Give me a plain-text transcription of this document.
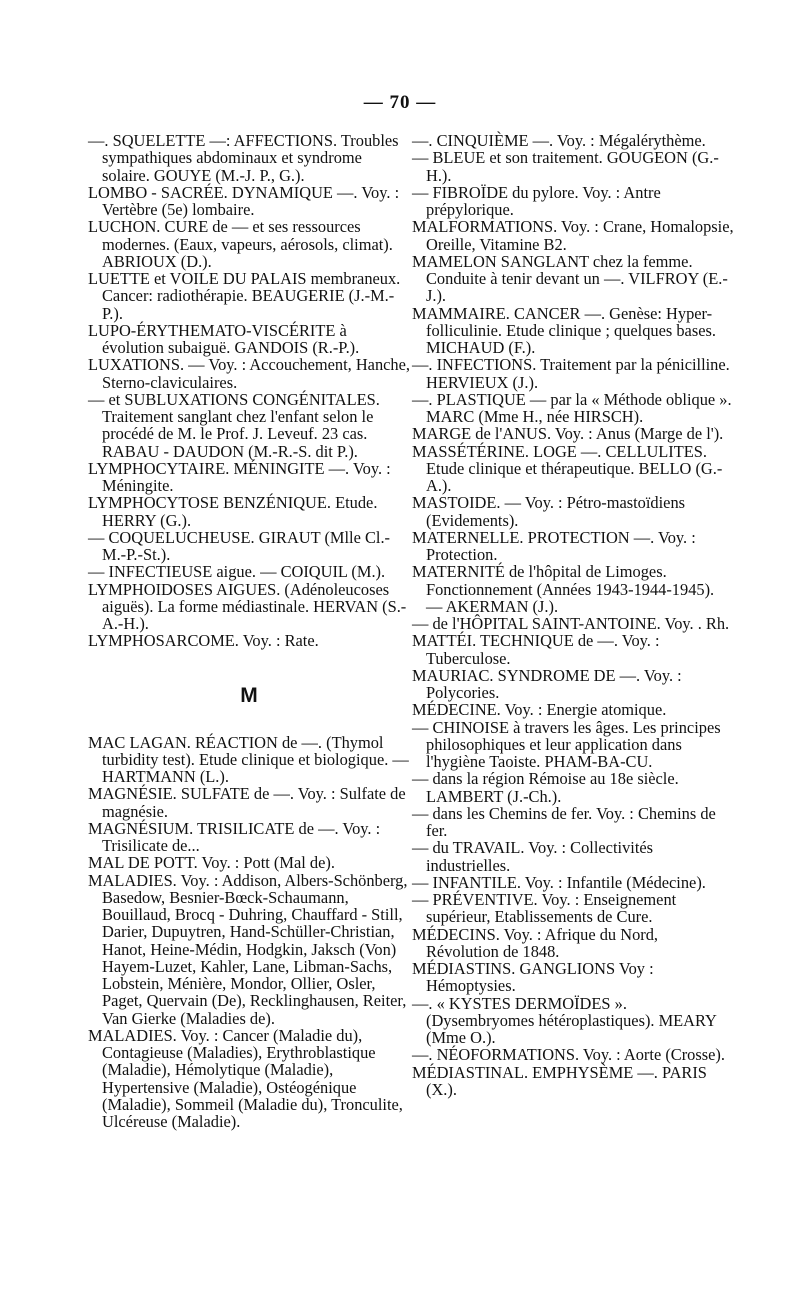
— 70 —

—. SQUELETTE —: AFFECTIONS. Troubles sympathiques abdominaux et syndrome solaire. GOUYE (M.-J. P., G.).

LOMBO - SACRÉE. DYNAMIQUE —. Voy. : Vertèbre (5e) lombaire.

LUCHON. CURE de — et ses ressources modernes. (Eaux, vapeurs, aérosols, climat). ABRIOUX (D.).

LUETTE et VOILE DU PALAIS membraneux. Cancer: radiothérapie. BEAUGERIE (J.-M.-P.).

LUPO-ÉRYTHEMATO-VISCÉRITE à évolution subaiguë. GANDOIS (R.-P.).

LUXATIONS. — Voy. : Accouchement, Hanche, Sterno-claviculaires.

— et SUBLUXATIONS CONGÉNITALES. Traitement sanglant chez l'enfant selon le procédé de M. le Prof. J. Leveuf. 23 cas. RABAU - DAUDON (M.-R.-S. dit P.).

LYMPHOCYTAIRE. MÉNINGITE —. Voy. : Méningite.

LYMPHOCYTOSE BENZÉNIQUE. Etude. HERRY (G.).

— COQUELUCHEUSE. GIRAUT (Mlle Cl.-M.-P.-St.).

— INFECTIEUSE aigue. — COIQUIL (M.).

LYMPHOIDOSES AIGUES. (Adénoleucoses aiguës). La forme médiastinale. HERVAN (S.-A.-H.).

LYMPHOSARCOME. Voy. : Rate.

M

MAC LAGAN. RÉACTION de —. (Thymol turbidity test). Etude clinique et biologique. — HARTMANN (L.).

MAGNÉSIE. SULFATE de —. Voy. : Sulfate de magnésie.

MAGNÉSIUM. TRISILICATE de —. Voy. : Trisilicate de...

MAL DE POTT. Voy. : Pott (Mal de).

MALADIES. Voy. : Addison, Albers-Schönberg, Basedow, Besnier-Bœck-Schaumann, Bouillaud, Brocq - Duhring, Chauffard - Still, Darier, Dupuytren, Hand-Schüller-Christian, Hanot, Heine-Médin, Hodgkin, Jaksch (Von) Hayem-Luzet, Kahler, Lane, Libman-Sachs, Lobstein, Ménière, Mondor, Ollier, Osler, Paget, Quervain (De), Recklinghausen, Reiter, Van Gierke (Maladies de).

MALADIES. Voy. : Cancer (Maladie du), Contagieuse (Maladies), Erythroblastique (Maladie), Hémolytique (Maladie), Hypertensive (Maladie), Ostéogénique (Maladie), Sommeil (Maladie du), Tronculite, Ulcéreuse (Maladie).

—. CINQUIÈME —. Voy. : Mégalérythème.

— BLEUE et son traitement. GOUGEON (G.-H.).

— FIBROÏDE du pylore. Voy. : Antre prépylorique.

MALFORMATIONS. Voy. : Crane, Homalopsie, Oreille, Vitamine B2.

MAMELON SANGLANT chez la femme. Conduite à tenir devant un —. VILFROY (E.-J.).

MAMMAIRE. CANCER —. Genèse: Hyper-folliculinie. Etude clinique ; quelques bases. MICHAUD (F.).

—. INFECTIONS. Traitement par la pénicilline. HERVIEUX (J.).

—. PLASTIQUE — par la « Méthode oblique ». MARC (Mme H., née HIRSCH).

MARGE de l'ANUS. Voy. : Anus (Marge de l').

MASSÉTÉRINE. LOGE —. CELLULITES. Etude clinique et thérapeutique. BELLO (G.-A.).

MASTOIDE. — Voy. : Pétro-mastoïdiens (Evidements).

MATERNELLE. PROTECTION —. Voy. : Protection.

MATERNITÉ de l'hôpital de Limoges. Fonctionnement (Années 1943-1944-1945). — AKERMAN (J.).

— de l'HÔPITAL SAINT-ANTOINE. Voy. . Rh.

MATTÉI. TECHNIQUE de —. Voy. : Tuberculose.

MAURIAC. SYNDROME DE —. Voy. : Polycories.

MÉDECINE. Voy. : Energie atomique.

— CHINOISE à travers les âges. Les principes philosophiques et leur application dans l'hygiène Taoiste. PHAM-BA-CU.

— dans la région Rémoise au 18e siècle. LAMBERT (J.-Ch.).

— dans les Chemins de fer. Voy. : Chemins de fer.

— du TRAVAIL. Voy. : Collectivités industrielles.

— INFANTILE. Voy. : Infantile (Médecine).

— PRÉVENTIVE. Voy. : Enseignement supérieur, Etablissements de Cure.

MÉDECINS. Voy. : Afrique du Nord, Révolution de 1848.

MÉDIASTINS. GANGLIONS Voy : Hémoptysies.

—. « KYSTES DERMOÏDES ». (Dysembryomes hétéroplastiques). MEARY (Mme O.).

—. NÉOFORMATIONS. Voy. : Aorte (Crosse).

MÉDIASTINAL. EMPHYSÈME —. PARIS (X.).
